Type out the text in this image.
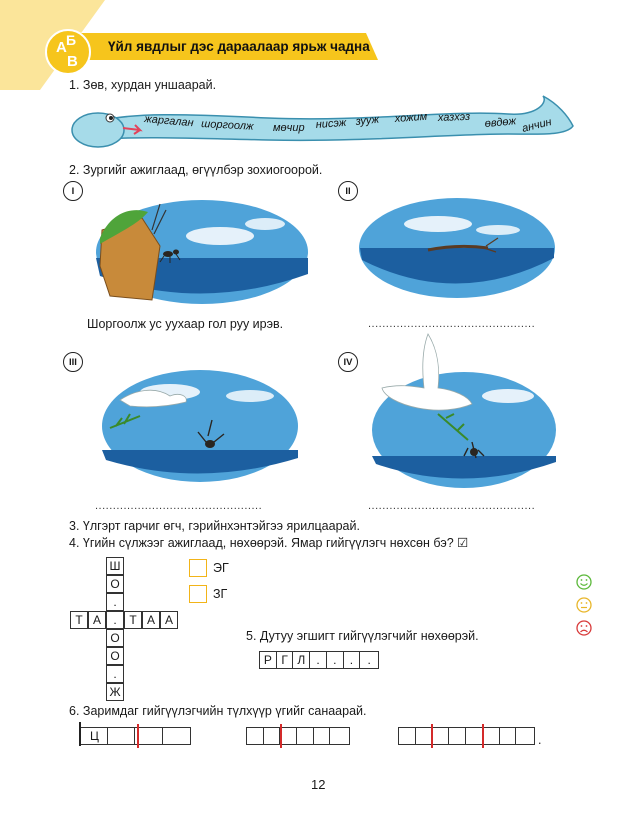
А Б
В
Үйл явдлыг дэс дараалаар ярьж чадна
1. Зөв, хурдан уншаарай.
жаргалан шоргоолж мөчир нисэж зууж хожим хазхэз өвдөж анчин
2. Зургийг ажиглаад, өгүүлбэр зохиогоорой.
I
Шоргоолж ус уухаар гол руу ирэв.
II
...............................................
III
...............................................
IV
...............................................
3. Үлгэрт гарчиг өгч, гэрийнхэнтэйгээ ярилцаарай.
4. Үгийн сүлжээг ажиглаад, нөхөөрэй. Ямар гийгүүлэгч нөхсөн бэ? ☑
Ш
О
.
Т А	.	Т А А
О
О
.
Ж
ЭГ
ЗГ
5. Дутуу эгшигт гийгүүлэгчийг нөхөөрэй.
Р Г Л .	.	.	.
6. Заримдаг гийгүүлэгчийн түлхүүр үгийг санаарай.
Ц	.
12
